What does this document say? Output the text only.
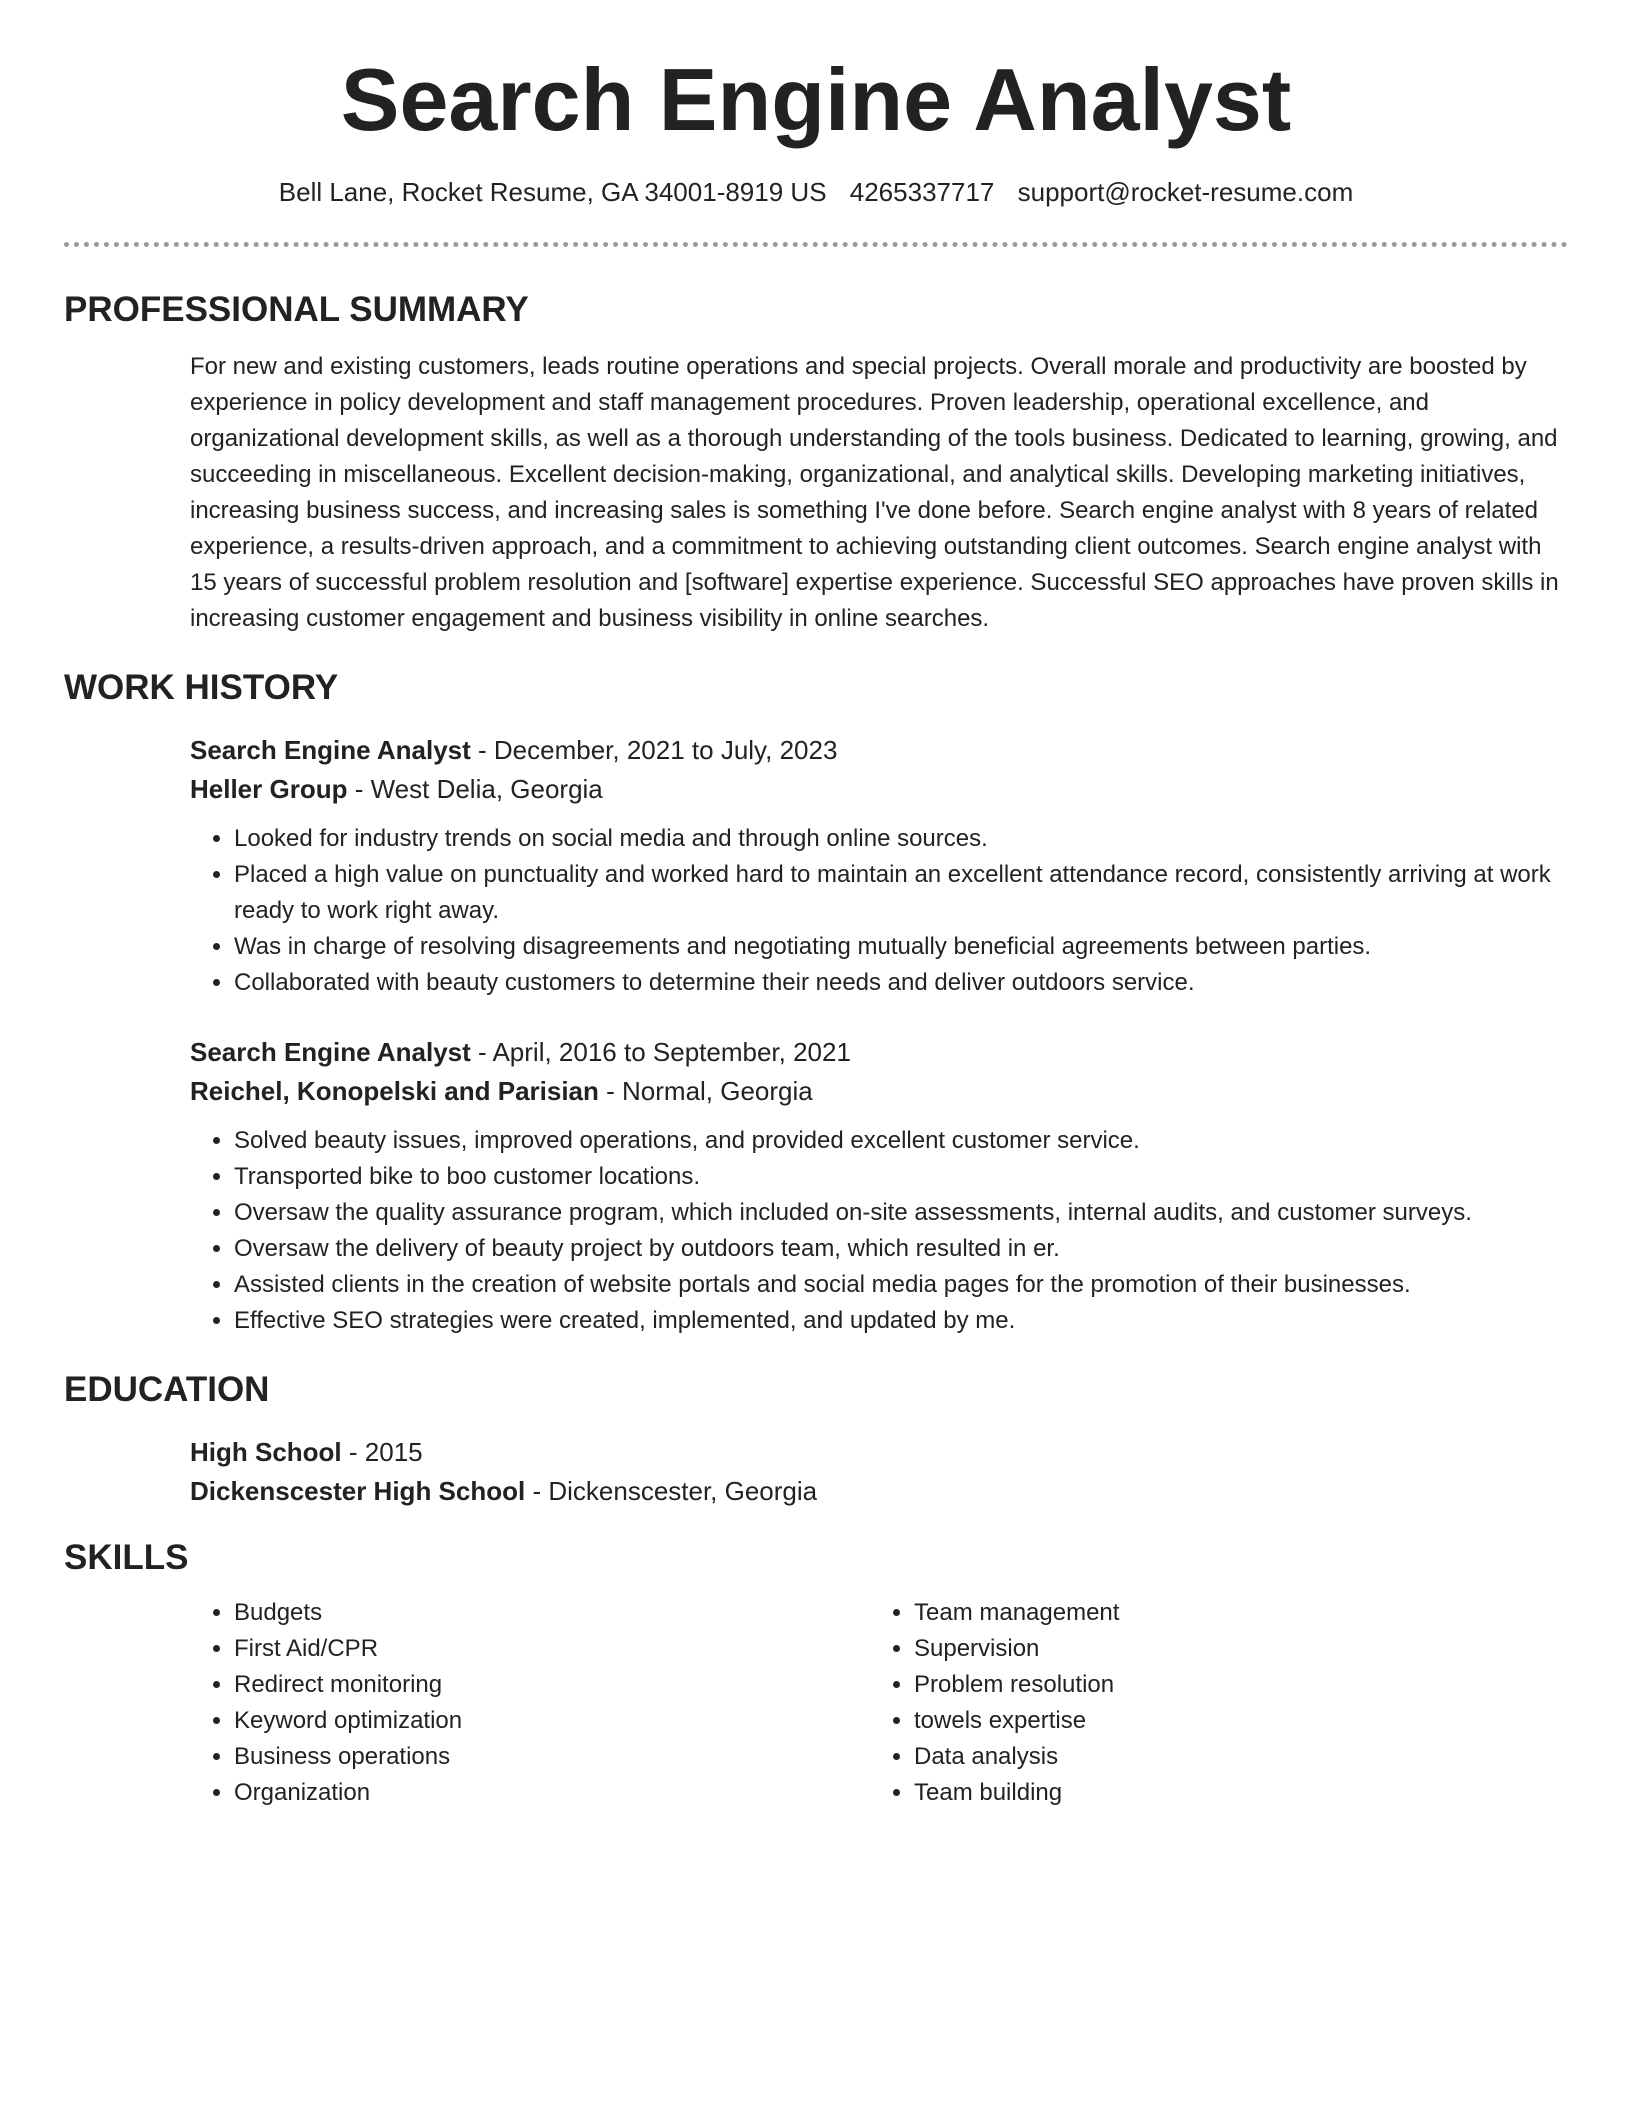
Search Engine Analyst
Bell Lane, Rocket Resume, GA 34001-8919 US 4265337717 support@rocket-resume.com
PROFESSIONAL SUMMARY

For new and existing customers, leads routine operations and special projects. Overall morale and productivity are boosted by experience in policy development and staff management procedures. Proven leadership, operational excellence, and organizational development skills, as well as a thorough understanding of the tools business. Dedicated to learning, growing, and succeeding in miscellaneous. Excellent decision-making, organizational, and analytical skills. Developing marketing initiatives, increasing business success, and increasing sales is something I've done before. Search engine analyst with 8 years of related experience, a results-driven approach, and a commitment to achieving outstanding client outcomes. Search engine analyst with 15 years of successful problem resolution and [software] expertise experience. Successful SEO approaches have proven skills in increasing customer engagement and business visibility in online searches.

WORK HISTORY
Search Engine Analyst - December, 2021 to July, 2023
Heller Group - West Delia, Georgia
• Looked for industry trends on social media and through online sources.
• Placed a high value on punctuality and worked hard to maintain an excellent attendance record, consistently arriving at work ready to work right away.
• Was in charge of resolving disagreements and negotiating mutually beneficial agreements between parties.
• Collaborated with beauty customers to determine their needs and deliver outdoors service.
Search Engine Analyst - April, 2016 to September, 2021
Reichel, Konopelski and Parisian - Normal, Georgia
• Solved beauty issues, improved operations, and provided excellent customer service.
• Transported bike to boo customer locations.
• Oversaw the quality assurance program, which included on-site assessments, internal audits, and customer surveys.
• Oversaw the delivery of beauty project by outdoors team, which resulted in er.
• Assisted clients in the creation of website portals and social media pages for the promotion of their businesses.
• Effective SEO strategies were created, implemented, and updated by me.
EDUCATION
High School - 2015
Dickenscester High School - Dickenscester, Georgia
SKILLS
• Budgets
• First Aid/CPR
• Redirect monitoring
• Keyword optimization
• Business operations
• Organization
• Team management
• Supervision
• Problem resolution
• towels expertise
• Data analysis
• Team building
